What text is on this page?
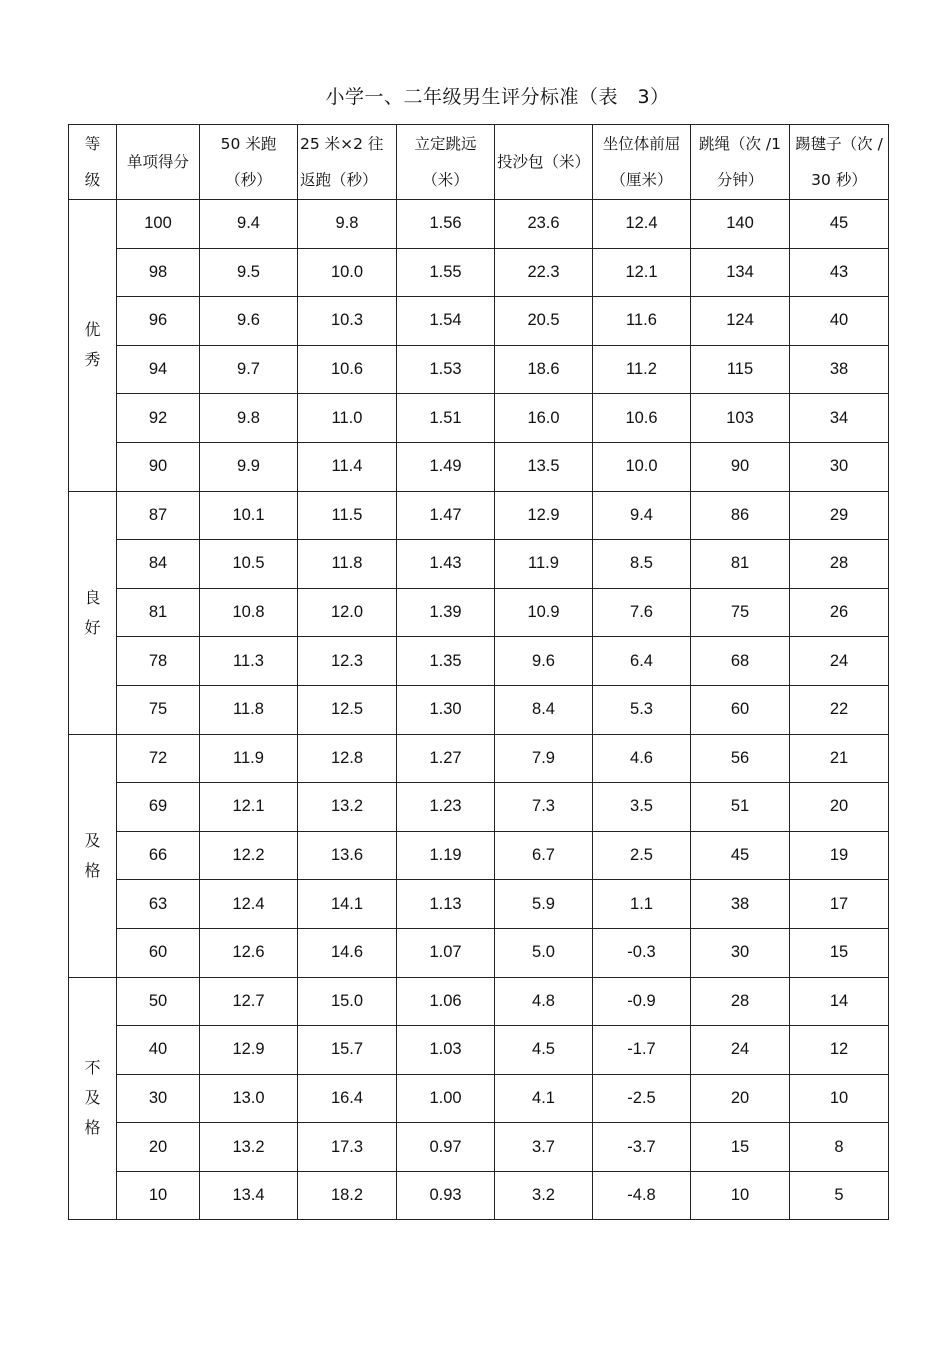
小学一、二年级男生评分标准（表　3）
等级	单项得分	50 米跑（秒）	25 米×2 往返跑（秒）	立定跳远（米）	投沙包（米）	坐位体前屈（厘米）	跳绳（次 /1 分钟）	踢毽子（次 /30 秒）

优秀	100	9.4	9.8	1.56	23.6	12.4	140	45
	98	9.5	10.0	1.55	22.3	12.1	134	43
	96	9.6	10.3	1.54	20.5	11.6	124	40
	94	9.7	10.6	1.53	18.6	11.2	115	38
	92	9.8	11.0	1.51	16.0	10.6	103	34
	90	9.9	11.4	1.49	13.5	10.0	90	30
良好	87	10.1	11.5	1.47	12.9	9.4	86	29
	84	10.5	11.8	1.43	11.9	8.5	81	28
	81	10.8	12.0	1.39	10.9	7.6	75	26
	78	11.3	12.3	1.35	9.6	6.4	68	24
	75	11.8	12.5	1.30	8.4	5.3	60	22
及格	72	11.9	12.8	1.27	7.9	4.6	56	21
	69	12.1	13.2	1.23	7.3	3.5	51	20
	66	12.2	13.6	1.19	6.7	2.5	45	19
	63	12.4	14.1	1.13	5.9	1.1	38	17
	60	12.6	14.6	1.07	5.0	-0.3	30	15
不及格	50	12.7	15.0	1.06	4.8	-0.9	28	14
	40	12.9	15.7	1.03	4.5	-1.7	24	12
	30	13.0	16.4	1.00	4.1	-2.5	20	10
	20	13.2	17.3	0.97	3.7	-3.7	15	8
	10	13.4	18.2	0.93	3.2	-4.8	10	5
